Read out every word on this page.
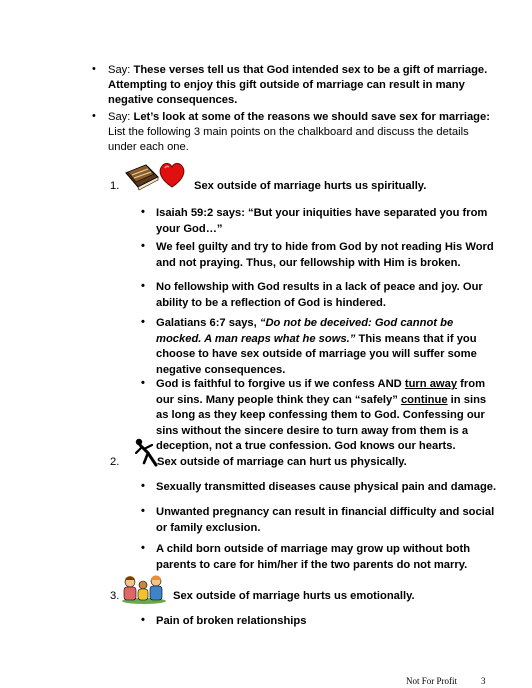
• Say: These verses tell us that God intended sex to be a gift of marriage. Attempting to enjoy this gift outside of marriage can result in many negative consequences.
• Say: Let’s look at some of the reasons we should save sex for marriage: List the following 3 main points on the chalkboard and discuss the details under each one.
1.	Sex outside of marriage hurts us spiritually.
• Isaiah 59:2 says: “But your iniquities have separated you from your God…”
• We feel guilty and try to hide from God by not reading His Word and not praying. Thus, our fellowship with Him is broken.
• No fellowship with God results in a lack of peace and joy. Our ability to be a reflection of God is hindered.
• Galatians 6:7 says, “Do not be deceived: God cannot be mocked. A man reaps what he sows.” This means that if you choose to have sex outside of marriage you will suffer some negative consequences.
• God is faithful to forgive us if we confess AND turn away from our sins. Many people think they can “safely” continue in sins as long as they keep confessing them to God. Confessing our sins without the sincere desire to turn away from them is a deception, not a true confession. God knows our hearts.
2.	Sex outside of marriage can hurt us physically.
• Sexually transmitted diseases cause physical pain and damage.
• Unwanted pregnancy can result in financial difficulty and social or family exclusion.
• A child born outside of marriage may grow up without both parents to care for him/her if the two parents do not marry.
3.	Sex outside of marriage hurts us emotionally.
• Pain of broken relationships
Not For Profit	3
